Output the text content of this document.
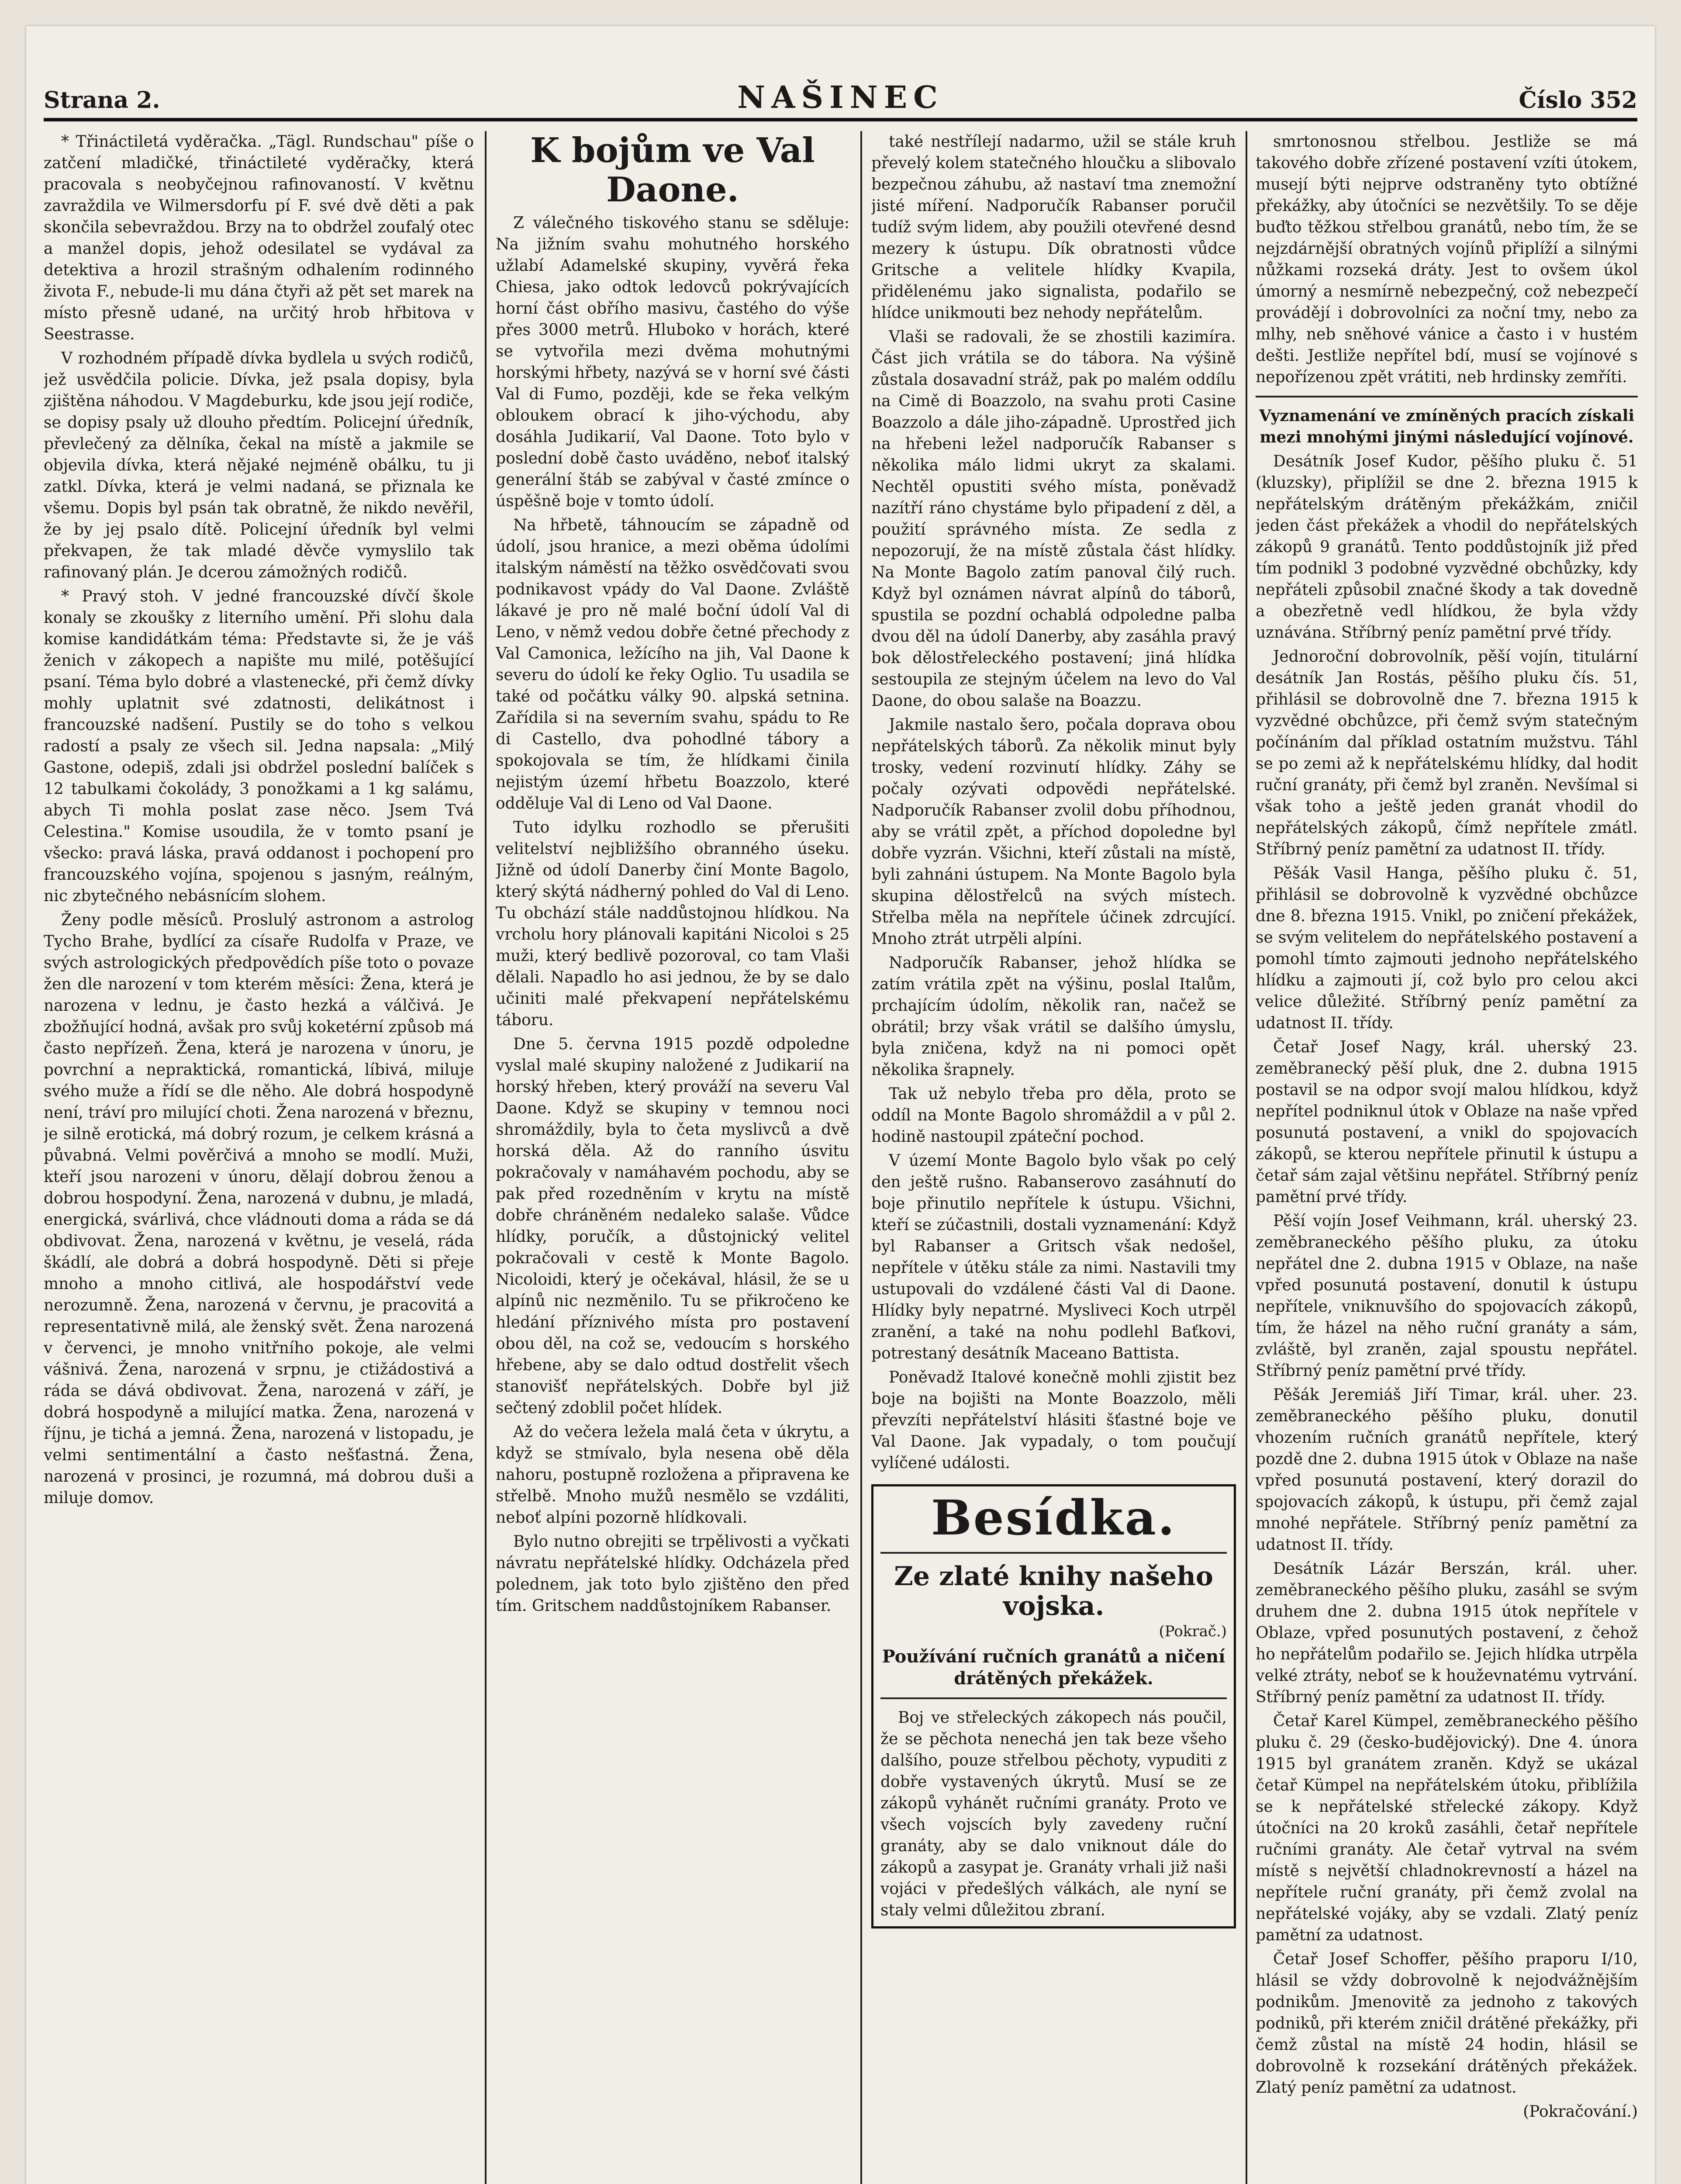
Strana 2.	NAŠINEC	Číslo 352

* Třináctiletá vyděračka. „Tägl. Rundschau" píše o zatčení mladičké, třináctileté vyděračky, která pracovala s neobyčejnou rafinovaností. V květnu zavraždila ve Wilmersdorfu pí F. své dvě děti a pak skončila sebevraždou. Brzy na to obdržel zoufalý otec a manžel dopis, jehož odesilatel se vydával za detektiva a hrozil strašným odhalením rodinného života F., nebude-li mu dána čtyři až pět set marek na místo přesně udané, na určitý hrob hřbitova v Seestrasse.

V rozhodném případě dívka bydlela u svých rodičů, jež usvědčila policie. Dívka, jež psala dopisy, byla zjištěna náhodou. V Magdeburku, kde jsou její rodiče, se dopisy psaly už dlouho předtím. Policejní úředník, převlečený za dělníka, čekal na místě a jakmile se objevila dívka, která nějaké nejméně obálku, tu ji zatkl. Dívka, která je velmi nadaná, se přiznala ke všemu. Dopis byl psán tak obratně, že nikdo nevěřil, že by jej psalo dítě. Policejní úředník byl velmi překvapen, že tak mladé děvče vymyslilo tak rafinovaný plán. Je dcerou zámožných rodičů.

* Pravý stoh. V jedné francouzské dívčí škole konaly se zkoušky z literního umění. Při slohu dala komise kandidátkám téma: Představte si, že je váš ženich v zákopech a napište mu milé, potěšující psaní. Téma bylo dobré a vlastenecké, při čemž dívky mohly uplatnit své zdatnosti, delikátnost i francouzské nadšení. Pustily se do toho s velkou radostí a psaly ze všech sil. Jedna napsala: „Milý Gastone, odepiš, zdali jsi obdržel poslední balíček s 12 tabulkami čokolády, 3 ponožkami a 1 kg salámu, abych Ti mohla poslat zase něco. Jsem Tvá Celestina." Komise usoudila, že v tomto psaní je všecko: pravá láska, pravá oddanost i pochopení pro francouzského vojína, spojenou s jasným, reálným, nic zbytečného nebásnícím slohem.

Ženy podle měsíců. Proslulý astronom a astrolog Tycho Brahe, bydlící za císaře Rudolfa v Praze, ve svých astrologických předpovědích píše toto o povaze žen dle narození v tom kterém měsíci: Žena, která je narozena v lednu, je často hezká a válčivá. Je zbožňující hodná, avšak pro svůj koketérní způsob má často nepřízeň. Žena, která je narozena v únoru, je povrchní a nepraktická, romantická, líbivá, miluje svého muže a řídí se dle něho. Ale dobrá hospodyně není, tráví pro milující choti. Žena narozená v březnu, je silně erotická, má dobrý rozum, je celkem krásná a půvabná. Velmi pověrčivá a mnoho se modlí. Muži, kteří jsou narozeni v únoru, dělají dobrou ženou a dobrou hospodyní. Žena, narozená v dubnu, je mladá, energická, svárlivá, chce vládnouti doma a ráda se dá obdivovat. Žena, narozená v květnu, je veselá, ráda škádlí, ale dobrá a dobrá hospodyně. Děti si přeje mnoho a mnoho citlivá, ale hospodářství vede nerozumně. Žena, narozená v červnu, je pracovitá a representativně milá, ale ženský svět. Žena narozená v červenci, je mnoho vnitřního pokoje, ale velmi vášnivá. Žena, narozená v srpnu, je ctižádostivá a ráda se dává obdivovat. Žena, narozená v září, je dobrá hospodyně a milující matka. Žena, narozená v říjnu, je tichá a jemná. Žena, narozená v listopadu, je velmi sentimentální a často nešťastná. Žena, narozená v prosinci, je rozumná, má dobrou duši a miluje domov.

K bojům ve Val Daone.

Z válečného tiskového stanu se sděluje: Na jižním svahu mohutného horského užlabí Adamelské skupiny, vyvěrá řeka Chiesa, jako odtok ledovců pokrývajících horní část obřího masivu, častého do výše přes 3000 metrů. Hluboko v horách, které se vytvořila mezi dvěma mohutnými horskými hřbety, nazývá se v horní své části Val di Fumo, později, kde se řeka velkým obloukem obrací k jiho-východu, aby dosáhla Judikarií, Val Daone. Toto bylo v poslední době často uváděno, neboť italský generální štáb se zabýval v časté zmínce o úspěšně boje v tomto údolí.

Na hřbetě, táhnoucím se západně od údolí, jsou hranice, a mezi oběma údolími italským náměstí na těžko osvědčovati svou podnikavost vpády do Val Daone. Zvláště lákavé je pro ně malé boční údolí Val di Leno, v němž vedou dobře četné přechody z Val Camonica, ležícího na jih, Val Daone k severu do údolí ke řeky Oglio. Tu usadila se také od počátku války 90. alpská setnina. Zařídila si na severním svahu, spádu to Re di Castello, dva pohodlné tábory a spokojovala se tím, že hlídkami činila nejistým území hřbetu Boazzolo, které odděluje Val di Leno od Val Daone.

Tuto idylku rozhodlo se přerušiti velitelství nejbližšího obranného úseku. Jižně od údolí Danerby činí Monte Bagolo, který skýtá nádherný pohled do Val di Leno. Tu obchází stále naddůstojnou hlídkou. Na vrcholu hory plánovali kapitáni Nicoloi s 25 muži, který bedlivě pozoroval, co tam Vlaši dělali. Napadlo ho asi jednou, že by se dalo učiniti malé překvapení nepřátelskému táboru.

Dne 5. června 1915 pozdě odpoledne vyslal malé skupiny naložené z Judikarií na horský hřeben, který prováží na severu Val Daone. Když se skupiny v temnou noci shromáždily, byla to četa myslivců a dvě horská děla. Až do ranního úsvitu pokračovaly v namáhavém pochodu, aby se pak před rozedněním v krytu na místě dobře chráněném nedaleko salaše. Vůdce hlídky, poručík, a důstojnický velitel pokračovali v cestě k Monte Bagolo. Nicoloidi, který je očekával, hlásil, že se u alpínů nic nezměnilo. Tu se přikročeno ke hledání příznivého místa pro postavení obou děl, na což se, vedoucím s horského hřebene, aby se dalo odtud dostřelit všech stanovišť nepřátelských. Dobře byl již sečtený zdoblil počet hlídek.

Až do večera ležela malá četa v úkrytu, a když se stmívalo, byla nesena obě děla nahoru, postupně rozložena a připravena ke střelbě. Mnoho mužů nesmělo se vzdáliti, neboť alpíni pozorně hlídkovali.

Bylo nutno obrejiti se trpělivosti a vyčkati návratu nepřátelské hlídky. Odcházela před polednem, jak toto bylo zjištěno den před tím. Gritschem naddůstojníkem Rabanser.

také nestřílejí nadarmo, užil se stále kruh převelý kolem statečného hloučku a slibovalo bezpečnou záhubu, až nastaví tma znemožní jisté míření. Nadporučík Rabanser poručil tudíž svým lidem, aby použili otevřené desnd mezery k ústupu. Dík obratnosti vůdce Gritsche a velitele hlídky Kvapila, přidělenému jako signalista, podařilo se hlídce unikmouti bez nehody nepřátelům.

Vlaši se radovali, že se zhostili kazimíra. Část jich vrátila se do tábora. Na výšině zůstala dosavadní stráž, pak po malém oddílu na Cimě di Boazzolo, na svahu proti Casine Boazzolo a dále jiho-západně. Uprostřed jich na hřebeni ležel nadporučík Rabanser s několika málo lidmi ukryt za skalami. Nechtěl opustiti svého místa, poněvadž nazítří ráno chystáme bylo připadení z děl, a použití správného místa. Ze sedla z nepozorují, že na místě zůstala část hlídky. Na Monte Bagolo zatím panoval čilý ruch. Když byl oznámen návrat alpínů do táborů, spustila se pozdní ochablá odpoledne palba dvou děl na údolí Danerby, aby zasáhla pravý bok dělostřeleckého postavení; jiná hlídka sestoupila ze stejným účelem na levo do Val Daone, do obou salaše na Boazzu.

Jakmile nastalo šero, počala doprava obou nepřátelských táborů. Za několik minut byly trosky, vedení rozvinutí hlídky. Záhy se počaly ozývati odpovědi nepřátelské. Nadporučík Rabanser zvolil dobu příhodnou, aby se vrátil zpět, a příchod dopoledne byl dobře vyzrán. Všichni, kteří zůstali na místě, byli zahnáni ústupem. Na Monte Bagolo byla skupina dělostřelců na svých místech. Střelba měla na nepřítele účinek zdrcující. Mnoho ztrát utrpěli alpíni.

Nadporučík Rabanser, jehož hlídka se zatím vrátila zpět na výšinu, poslal Italům, prchajícím údolím, několik ran, načež se obrátil; brzy však vrátil se dalšího úmyslu, byla zničena, když na ni pomoci opět několika šrapnely.

Tak už nebylo třeba pro děla, proto se oddíl na Monte Bagolo shromáždil a v půl 2. hodině nastoupil zpáteční pochod.

V území Monte Bagolo bylo však po celý den ještě rušno. Rabanserovo zasáhnutí do boje přinutilo nepřítele k ústupu. Všichni, kteří se zúčastnili, dostali vyznamenání: Když byl Rabanser a Gritsch však nedošel, nepřítele v útěku stále za nimi. Nastavili tmy ustupovali do vzdálené části Val di Daone. Hlídky byly nepatrné. Mysliveci Koch utrpěl zranění, a také na nohu podlehl Baťkovi, potrestaný desátník Maceano Battista.

Poněvadž Italové konečně mohli zjistit bez boje na bojišti na Monte Boazzolo, měli převzíti nepřátelství hlásiti šťastné boje ve Val Daone. Jak vypadaly, o tom poučují vylíčené události.

Besídka.
Ze zlaté knihy našeho vojska.
(Pokrač.)
Používání ručních granátů a ničení drátěných překážek.

Boj ve střeleckých zákopech nás poučil, že se pěchota nenechá jen tak beze všeho dalšího, pouze střelbou pěchoty, vypuditi z dobře vystavených úkrytů. Musí se ze zákopů vyhánět ručními granáty. Proto ve všech vojscích byly zavedeny ruční granáty, aby se dalo vniknout dále do zákopů a zasypat je. Granáty vrhali již naši vojáci v předešlých válkách, ale nyní se staly velmi důležitou zbraní.

smrtonosnou střelbou. Jestliže se má takového dobře zřízené postavení vzíti útokem, musejí býti nejprve odstraněny tyto obtížné překážky, aby útočníci se nezvětšily. To se děje buďto těžkou střelbou granátů, nebo tím, že se nejzdárnější obratných vojínů připlíží a silnými nůžkami rozseká dráty. Jest to ovšem úkol úmorný a nesmírně nebezpečný, což nebezpečí provádějí i dobrovolníci za noční tmy, nebo za mlhy, neb sněhové vánice a často i v hustém dešti. Jestliže nepřítel bdí, musí se vojínové s nepořízenou zpět vrátiti, neb hrdinsky zemříti.

Vyznamenání ve zmíněných pracích získali mezi mnohými jinými následující vojínové.

Desátník Josef Kudor, pěšího pluku č. 51 (kluzsky), připlížil se dne 2. března 1915 k nepřátelským drátěným překážkám, zničil jeden část překážek a vhodil do nepřátelských zákopů 9 granátů. Tento poddůstojník již před tím podnikl 3 podobné vyzvědné obchůzky, kdy nepřáteli způsobil značné škody a tak dovedně a obezřetně vedl hlídkou, že byla vždy uznávána. Stříbrný peníz pamětní prvé třídy.

Jednoroční dobrovolník, pěší vojín, titulární desátník Jan Rostás, pěšího pluku čís. 51, přihlásil se dobrovolně dne 7. března 1915 k vyzvědné obchůzce, při čemž svým statečným počínáním dal příklad ostatním mužstvu. Táhl se po zemi až k nepřátelskému hlídky, dal hodit ruční granáty, při čemž byl zraněn. Nevšímal si však toho a ještě jeden granát vhodil do nepřátelských zákopů, čímž nepřítele zmátl. Stříbrný peníz pamětní za udatnost II. třídy.

Pěšák Vasil Hanga, pěšího pluku č. 51, přihlásil se dobrovolně k vyzvědné obchůzce dne 8. března 1915. Vnikl, po zničení překážek, se svým velitelem do nepřátelského postavení a pomohl tímto zajmouti jednoho nepřátelského hlídku a zajmouti jí, což bylo pro celou akci velice důležité. Stříbrný peníz pamětní za udatnost II. třídy.

Četař Josef Nagy, král. uherský 23. zeměbranecký pěší pluk, dne 2. dubna 1915 postavil se na odpor svojí malou hlídkou, když nepřítel podniknul útok v Oblaze na naše vpřed posunutá postavení, a vnikl do spojovacích zákopů, se kterou nepřítele přinutil k ústupu a četař sám zajal většinu nepřátel. Stříbrný peníz pamětní prvé třídy.

Pěší vojín Josef Veihmann, král. uherský 23. zeměbraneckého pěšího pluku, za útoku nepřátel dne 2. dubna 1915 v Oblaze, na naše vpřed posunutá postavení, donutil k ústupu nepřítele, vniknuvšího do spojovacích zákopů, tím, že házel na něho ruční granáty a sám, zvláště, byl zraněn, zajal spoustu nepřátel. Stříbrný peníz pamětní prvé třídy.

Pěšák Jeremiáš Jiří Timar, král. uher. 23. zeměbraneckého pěšího pluku, donutil vhozením ručních granátů nepřítele, který pozdě dne 2. dubna 1915 útok v Oblaze na naše vpřed posunutá postavení, který dorazil do spojovacích zákopů, k ústupu, při čemž zajal mnohé nepřátele. Stříbrný peníz pamětní za udatnost II. třídy.

Desátník Lázár Berszán, král. uher. zeměbraneckého pěšího pluku, zasáhl se svým druhem dne 2. dubna 1915 útok nepřítele v Oblaze, vpřed posunutých postavení, z čehož ho nepřátelům podařilo se. Jejich hlídka utrpěla velké ztráty, neboť se k houževnatému vytrvání. Stříbrný peníz pamětní za udatnost II. třídy.

Četař Karel Kümpel, zeměbraneckého pěšího pluku č. 29 (česko-budějovický). Dne 4. února 1915 byl granátem zraněn. Když se ukázal četař Kümpel na nepřátelském útoku, přiblížila se k nepřátelské střelecké zákopy. Když útočníci na 20 kroků zasáhli, četař nepřítele ručními granáty. Ale četař vytrval na svém místě s největší chladnokrevností a házel na nepřítele ruční granáty, při čemž zvolal na nepřátelské vojáky, aby se vzdali. Zlatý peníz pamětní za udatnost.

Četař Josef Schoffer, pěšího praporu I/10, hlásil se vždy dobrovolně k nejodvážnějším podnikům. Jmenovitě za jednoho z takových podniků, při kterém zničil drátěné překážky, při čemž zůstal na místě 24 hodin, hlásil se dobrovolně k rozsekání drátěných překážek. Zlatý peníz pamětní za udatnost.

(Pokračování.)
